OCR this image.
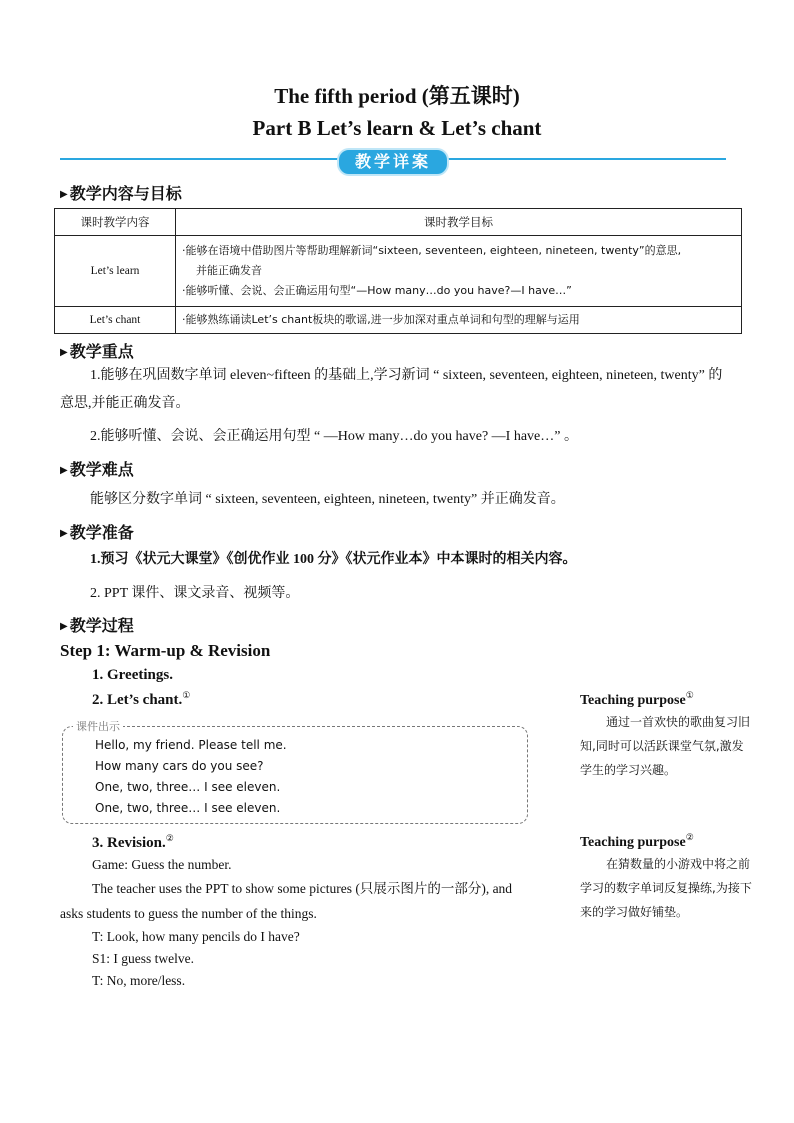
The fifth period (第五课时)
Part B Let’s learn & Let’s chant
教学详案
▶ 教学内容与目标
课时教学内容	课时教学目标
Let’s learn	·能够在语境中借助图片等帮助理解新词“sixteen, seventeen, eighteen, nineteen, twenty”的意思,
并能正确发音
·能够听懂、会说、会正确运用句型“—How many…do you have?—I have…”
Let’s chant	·能够熟练诵读Let’s chant板块的歌谣,进一步加深对重点单词和句型的理解与运用
▶ 教学重点
1.能够在巩固数字单词 eleven~fifteen 的基础上,学习新词 “ sixteen, seventeen, eighteen, nineteen, twenty” 的意思,并能正确发音。
2.能够听懂、会说、会正确运用句型 “ —How many…do you have? —I have…” 。
▶ 教学难点
能够区分数字单词 “ sixteen, seventeen, eighteen, nineteen, twenty” 并正确发音。
▶ 教学准备
1.预习《状元大课堂》《创优作业 100 分》《状元作业本》中本课时的相关内容。
2. PPT 课件、课文录音、视频等。
▶ 教学过程
Step 1: Warm-up & Revision
1. Greetings.
2. Let’s chant.①
课件出示
Hello, my friend. Please tell me.
How many cars do you see?
One, two, three… I see eleven.
One, two, three… I see eleven.
3. Revision.②
Game: Guess the number.
The teacher uses the PPT to show some pictures (只展示图片的一部分), and asks students to guess the number of the things.
T: Look, how many pencils do I have?
S1: I guess twelve.
T: No, more/less.
Teaching purpose①
通过一首欢快的歌曲复习旧知,同时可以活跃课堂气氛,激发学生的学习兴趣。
Teaching purpose②
在猜数量的小游戏中将之前学习的数字单词反复操练,为接下来的学习做好铺垫。
